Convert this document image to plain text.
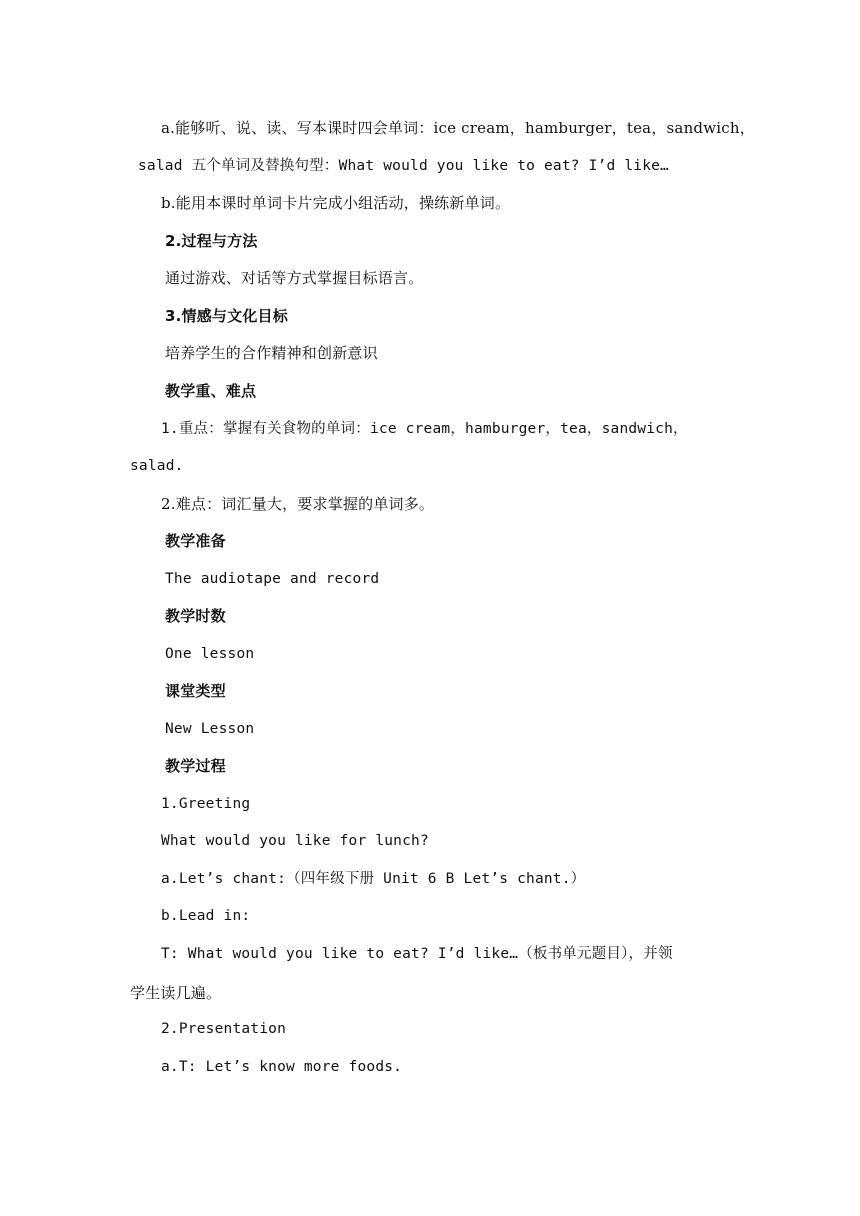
a.能够听、说、读、写本课时四会单词：ice cream，hamburger，tea，sandwich，
salad 五个单词及替换句型：What would you like to eat? I’d like…
b.能用本课时单词卡片完成小组活动，操练新单词。
2.过程与方法
通过游戏、对话等方式掌握目标语言。
3.情感与文化目标
培养学生的合作精神和创新意识
教学重、难点
1.重点：掌握有关食物的单词：ice cream，hamburger，tea，sandwich，
salad.
2.难点：词汇量大，要求掌握的单词多。
教学准备
The audiotape and record
教学时数
One lesson
课堂类型
New Lesson
教学过程
1.Greeting
What would you like for lunch?
a.Let’s chant:（四年级下册 Unit 6 B Let’s chant.）
b.Lead in:
T: What would you like to eat? I’d like…（板书单元题目），并领
学生读几遍。
2.Presentation
a.T: Let’s know more foods.
